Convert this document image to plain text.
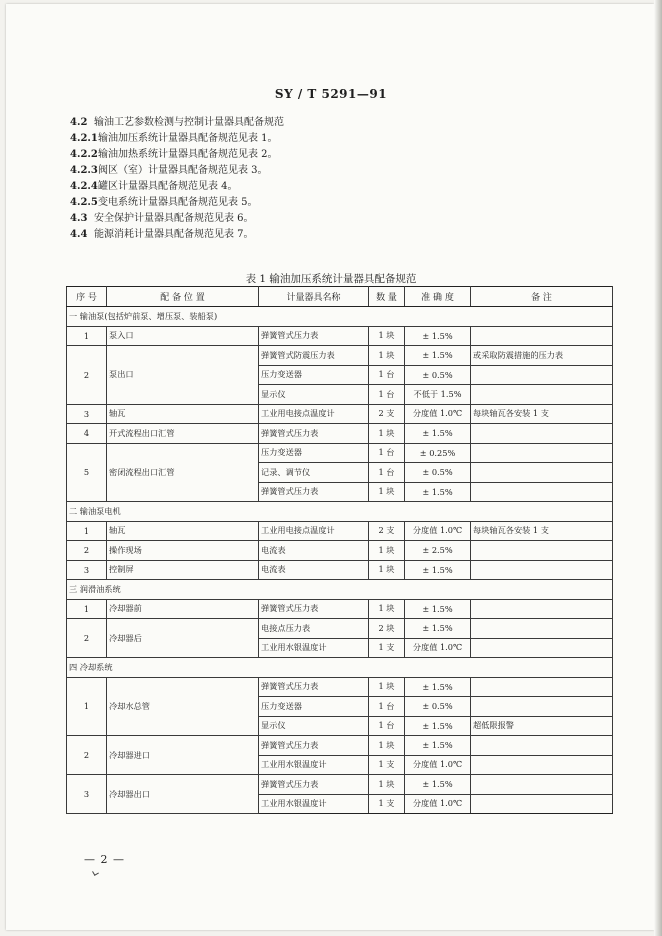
SY / T 5291—91
4.2 输油工艺参数检测与控制计量器具配备规范
4.2.1输油加压系统计量器具配备规范见表 1。
4.2.2输油加热系统计量器具配备规范见表 2。
4.2.3阀区（室）计量器具配备规范见表 3。
4.2.4罐区计量器具配备规范见表 4。
4.2.5变电系统计量器具配备规范见表 5。
4.3 安全保护计量器具配备规范见表 6。
4.4 能源消耗计量器具配备规范见表 7。
表 1 输油加压系统计量器具配备规范
序 号	配 备 位 置	计量器具名称	数 量	准 确 度	备 注
一 输油泵(包括炉前泵、增压泵、装船泵)					
1	泵入口	弹簧管式压力表	1 块	± 1.5%	
2	泵出口	弹簧管式防震压力表	1 块	± 1.5%	或采取防震措施的压力表
		压力变送器	1 台	± 0.5%	
		显示仪	1 台	不低于 1.5%	
3	轴瓦	工业用电接点温度计	2 支	分度值 1.0℃	每块轴瓦各安装 1 支
4	开式流程出口汇管	弹簧管式压力表	1 块	± 1.5%	
5	密闭流程出口汇管	压力变送器	1 台	± 0.25%	
		记录、调节仪	1 台	± 0.5%	
		弹簧管式压力表	1 块	± 1.5%	
二 输油泵电机					
1	轴瓦	工业用电接点温度计	2 支	分度值 1.0℃	每块轴瓦各安装 1 支
2	操作现场	电流表	1 块	± 2.5%	
3	控制屏	电流表	1 块	± 1.5%	
三 润滑油系统					
1	冷却器前	弹簧管式压力表	1 块	± 1.5%	
2	冷却器后	电接点压力表	2 块	± 1.5%	
		工业用水银温度计	1 支	分度值 1.0℃	
四 冷却系统					
1	冷却水总管	弹簧管式压力表	1 块	± 1.5%	
		压力变送器	1 台	± 0.5%	
		显示仪	1 台	± 1.5%	超低限报警
2	冷却器进口	弹簧管式压力表	1 块	± 1.5%	
		工业用水银温度计	1 支	分度值 1.0℃	
3	冷却器出口	弹簧管式压力表	1 块	± 1.5%	
		工业用水银温度计	1 支	分度值 1.0℃	
— 2 —
